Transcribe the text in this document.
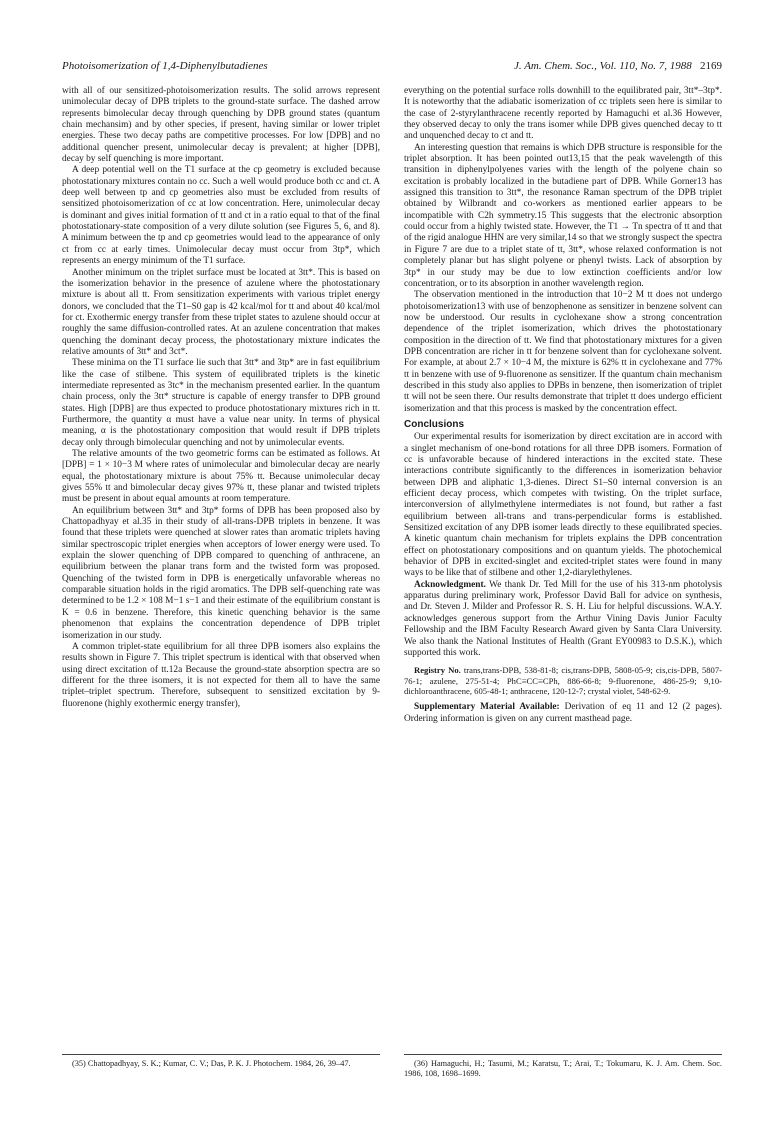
Photoisomerization of 1,4-Diphenylbutadienes	J. Am. Chem. Soc., Vol. 110, No. 7, 1988 2169

with all of our sensitized-photoisomerization results. The solid arrows represent unimolecular decay of DPB triplets to the ground-state surface. The dashed arrow represents bimolecular decay through quenching by DPB ground states (quantum chain mechansim) and by other species, if present, having similar or lower triplet energies. These two decay paths are competitive processes. For low [DPB] and no additional quencher present, unimolecular decay is prevalent; at higher [DPB], decay by self quenching is more important.

A deep potential well on the T1 surface at the cp geometry is excluded because photostationary mixtures contain no cc. Such a well would produce both cc and ct. A deep well between tp and cp geometries also must be excluded from results of sensitized photoisomerization of cc at low concentration. Here, unimolecular decay is dominant and gives initial formation of tt and ct in a ratio equal to that of the final photostationary-state composition of a very dilute solution (see Figures 5, 6, and 8). A minimum between the tp and cp geometries would lead to the appearance of only ct from cc at early times. Unimolecular decay must occur from 3tp*, which represents an energy minimum of the T1 surface.

Another minimum on the triplet surface must be located at 3tt*. This is based on the isomerization behavior in the presence of azulene where the photostationary mixture is about all tt. From sensitization experiments with various triplet energy donors, we concluded that the T1–S0 gap is 42 kcal/mol for tt and about 40 kcal/mol for ct. Exothermic energy transfer from these triplet states to azulene should occur at roughly the same diffusion-controlled rates. At an azulene concentration that makes quenching the dominant decay process, the photostationary mixture indicates the relative amounts of 3tt* and 3ct*.

These minima on the T1 surface lie such that 3tt* and 3tp* are in fast equilibrium like the case of stilbene. This system of equilibrated triplets is the kinetic intermediate represented as 3tc* in the mechanism presented earlier. In the quantum chain process, only the 3tt* structure is capable of energy transfer to DPB ground states. High [DPB] are thus expected to produce photostationary mixtures rich in tt. Furthermore, the quantity α must have a value near unity. In terms of physical meaning, α is the photostationary composition that would result if DPB triplets decay only through bimolecular quenching and not by unimolecular events.

The relative amounts of the two geometric forms can be estimated as follows. At [DPB] = 1 × 10−3 M where rates of unimolecular and bimolecular decay are nearly equal, the photostationary mixture is about 75% tt. Because unimolecular decay gives 55% tt and bimolecular decay gives 97% tt, these planar and twisted triplets must be present in about equal amounts at room temperature.

An equilibrium between 3tt* and 3tp* forms of DPB has been proposed also by Chattopadhyay et al.35 in their study of all-trans-DPB triplets in benzene. It was found that these triplets were quenched at slower rates than aromatic triplets having similar spectroscopic triplet energies when acceptors of lower energy were used. To explain the slower quenching of DPB compared to quenching of anthracene, an equilibrium between the planar trans form and the twisted form was proposed. Quenching of the twisted form in DPB is energetically unfavorable whereas no comparable situation holds in the rigid aromatics. The DPB self-quenching rate was determined to be 1.2 × 108 M−1 s−1 and their estimate of the equilibrium constant is K = 0.6 in benzene. Therefore, this kinetic quenching behavior is the same phenomenon that explains the concentration dependence of DPB triplet isomerization in our study.

A common triplet-state equilibrium for all three DPB isomers also explains the results shown in Figure 7. This triplet spectrum is identical with that observed when using direct excitation of tt.12a Because the ground-state absorption spectra are so different for the three isomers, it is not expected for them all to have the same triplet–triplet spectrum. Therefore, subsequent to sensitized excitation by 9-fluorenone (highly exothermic energy transfer),

everything on the potential surface rolls downhill to the equilibrated pair, 3tt*–3tp*. It is noteworthy that the adiabatic isomerization of cc triplets seen here is similar to the case of 2-styrylanthracene recently reported by Hamaguchi et al.36 However, they observed decay to only the trans isomer while DPB gives quenched decay to tt and unquenched decay to ct and tt.

An interesting question that remains is which DPB structure is responsible for the triplet absorption. It has been pointed out13,15 that the peak wavelength of this transition in diphenylpolyenes varies with the length of the polyene chain so excitation is probably localized in the butadiene part of DPB. While Gorner13 has assigned this transition to 3tt*, the resonance Raman spectrum of the DPB triplet obtained by Wilbrandt and co-workers as mentioned earlier appears to be incompatible with C2h symmetry.15 This suggests that the electronic absorption could occur from a highly twisted state. However, the T1 → Tn spectra of tt and that of the rigid analogue HHN are very similar,14 so that we strongly suspect the spectra in Figure 7 are due to a triplet state of tt, 3tt*, whose relaxed conformation is not completely planar but has slight polyene or phenyl twists. Lack of absorption by 3tp* in our study may be due to low extinction coefficients and/or low concentration, or to its absorption in another wavelength region.

The observation mentioned in the introduction that 10−2 M tt does not undergo photoisomerization13 with use of benzophenone as sensitizer in benzene solvent can now be understood. Our results in cyclohexane show a strong concentration dependence of the triplet isomerization, which drives the photostationary composition in the direction of tt. We find that photostationary mixtures for a given DPB concentration are richer in tt for benzene solvent than for cyclohexane solvent. For example, at about 2.7 × 10−4 M, the mixture is 62% tt in cyclohexane and 77% tt in benzene with use of 9-fluorenone as sensitizer. If the quantum chain mechanism described in this study also applies to DPBs in benzene, then isomerization of triplet tt will not be seen there. Our results demonstrate that triplet tt does undergo efficient isomerization and that this process is masked by the concentration effect.

Conclusions

Our experimental results for isomerization by direct excitation are in accord with a singlet mechanism of one-bond rotations for all three DPB isomers. Formation of cc is unfavorable because of hindered interactions in the excited state. These interactions contribute significantly to the differences in isomerization behavior between DPB and aliphatic 1,3-dienes. Direct S1–S0 internal conversion is an efficient decay process, which competes with twisting. On the triplet surface, interconversion of allylmethylene intermediates is not found, but rather a fast equilibrium between all-trans and trans-perpendicular forms is established. Sensitized excitation of any DPB isomer leads directly to these equilibrated species. A kinetic quantum chain mechanism for triplets explains the DPB concentration effect on photostationary compositions and on quantum yields. The photochemical behavior of DPB in excited-singlet and excited-triplet states were found in many ways to be like that of stilbene and other 1,2-diarylethylenes.

Acknowledgment. We thank Dr. Ted Mill for the use of his 313-nm photolysis apparatus during preliminary work, Professor David Ball for advice on synthesis, and Dr. Steven J. Milder and Professor R. S. H. Liu for helpful discussions. W.A.Y. acknowledges generous support from the Arthur Vining Davis Junior Faculty Fellowship and the IBM Faculty Research Award given by Santa Clara University. We also thank the National Institutes of Health (Grant EY00983 to D.S.K.), which supported this work.

Registry No. trans,trans-DPB, 538-81-8; cis,trans-DPB, 5808-05-9; cis,cis-DPB, 5807-76-1; azulene, 275-51-4; PhC≡CC≡CPh, 886-66-8; 9-fluorenone, 486-25-9; 9,10-dichloroanthracene, 605-48-1; anthracene, 120-12-7; crystal violet, 548-62-9.

Supplementary Material Available: Derivation of eq 11 and 12 (2 pages). Ordering information is given on any current masthead page.

(35) Chattopadhyay, S. K.; Kumar, C. V.; Das, P. K. J. Photochem. 1984, 26, 39–47.	(36) Hamaguchi, H.; Tasumi, M.; Karatsu, T.; Arai, T.; Tokumaru, K. J. Am. Chem. Soc. 1986, 108, 1698–1699.
